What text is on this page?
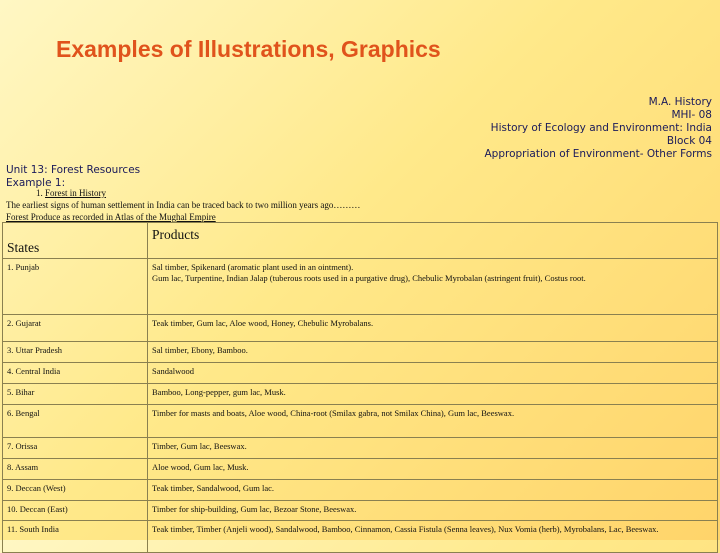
Examples of Illustrations, Graphics
M.A. History
MHI- 08
History of Ecology and Environment: India
Block 04
Appropriation of Environment- Other Forms
Unit 13: Forest Resources
Example 1:
1. Forest in History
The earliest signs of human settlement in India can be traced back to two million years ago………
Forest Produce as recorded in Atlas of the Mughal Empire
States	Products
1. Punjab	Sal timber, Spikenard (aromatic plant used in an ointment).
Gum lac, Turpentine, Indian Jalap (tuberous roots used in a purgative drug), Chebulic Myrobalan (astringent fruit), Costus root.

2. Gujarat	Teak timber, Gum lac, Aloe wood, Honey, Chebulic Myrobalans.

3. Uttar Pradesh	Sal timber, Ebony, Bamboo.

4. Central India	Sandalwood

5. Bihar	Bamboo, Long-pepper, gum lac, Musk.

6. Bengal	Timber for masts and boats, Aloe wood, China-root (Smilax gabra, not Smilax China), Gum lac, Beeswax.

7. Orissa	Timber, Gum lac, Beeswax.

8. Assam	Aloe wood, Gum lac, Musk.

9. Deccan (West)	Teak timber, Sandalwood, Gum lac.

10. Deccan (East)	Timber for ship-building, Gum lac, Bezoar Stone, Beeswax.

11. South India	Teak timber, Timber (Anjeli wood), Sandalwood, Bamboo, Cinnamon, Cassia Fistula (Senna leaves), Nux Vomia (herb), Myrobalans, Lac, Beeswax.
